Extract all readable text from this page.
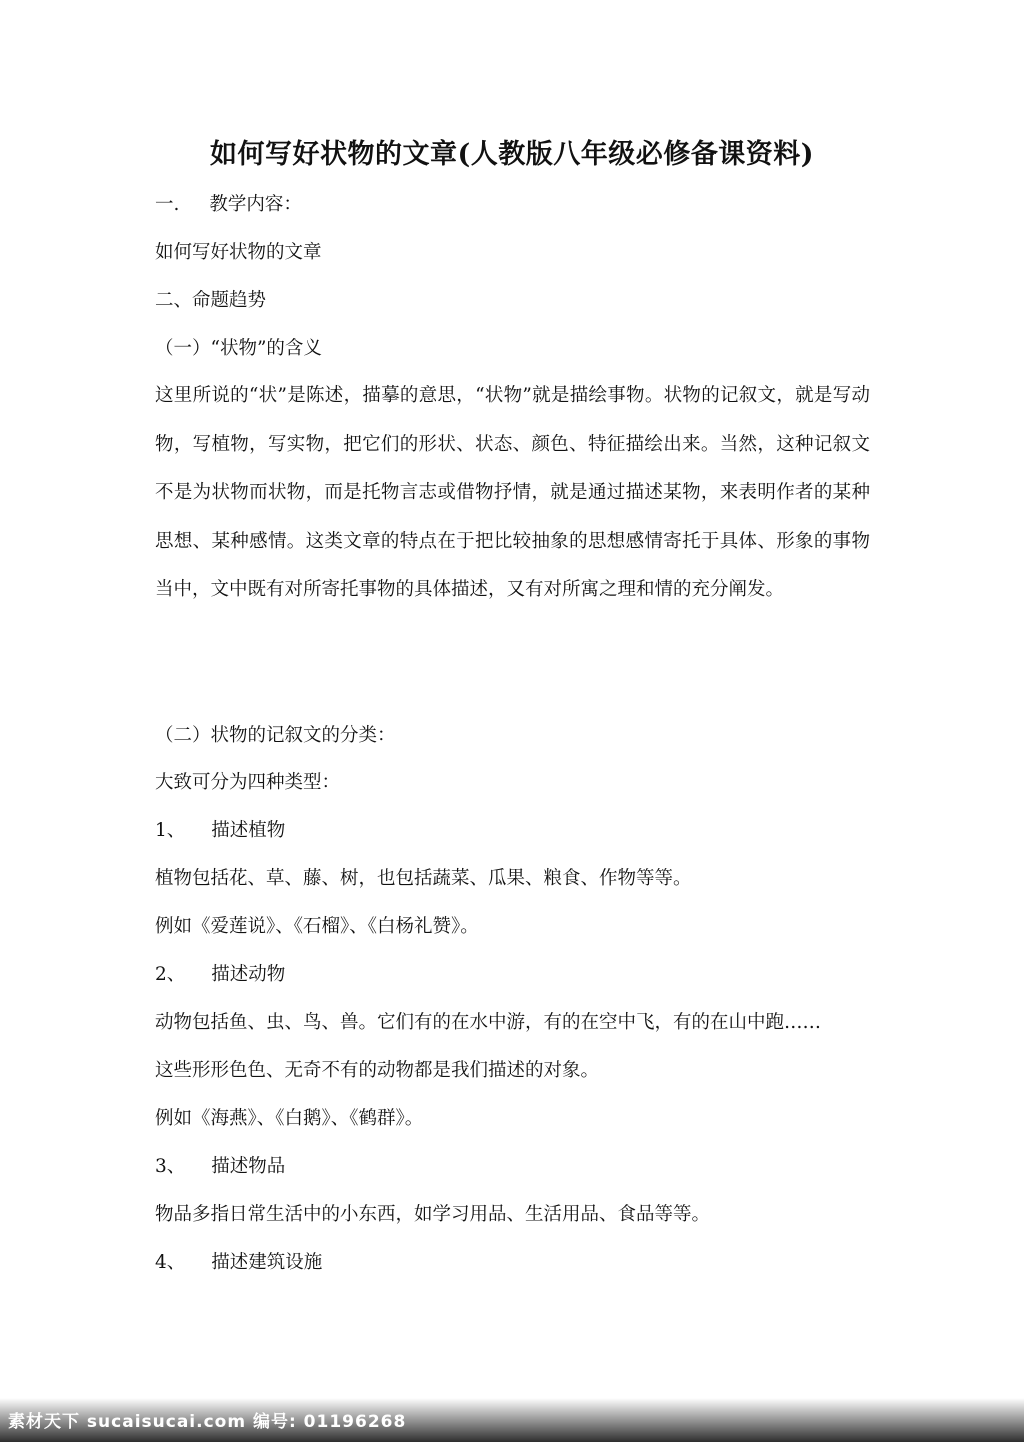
如何写好状物的文章(人教版八年级必修备课资料)
一. 教学内容：
如何写好状物的文章
二、命题趋势
（一）“状物”的含义
这里所说的“状”是陈述，描摹的意思，“状物”就是描绘事物。状物的记叙文，就是写动物，写植物，写实物，把它们的形状、状态、颜色、特征描绘出来。当然，这种记叙文不是为状物而状物，而是托物言志或借物抒情，就是通过描述某物，来表明作者的某种思想、某种感情。这类文章的特点在于把比较抽象的思想感情寄托于具体、形象的事物当中，文中既有对所寄托事物的具体描述，又有对所寓之理和情的充分阐发。
（二）状物的记叙文的分类：
大致可分为四种类型：
1、 描述植物
植物包括花、草、藤、树，也包括蔬菜、瓜果、粮食、作物等等。
例如《爱莲说》、《石榴》、《白杨礼赞》。
2、 描述动物
动物包括鱼、虫、鸟、兽。它们有的在水中游，有的在空中飞，有的在山中跑……
这些形形色色、无奇不有的动物都是我们描述的对象。
例如《海燕》、《白鹅》、《鹤群》。
3、 描述物品
物品多指日常生活中的小东西，如学习用品、生活用品、食品等等。
4、 描述建筑设施
素材天下 sucaisucai.com 编号: 01196268
